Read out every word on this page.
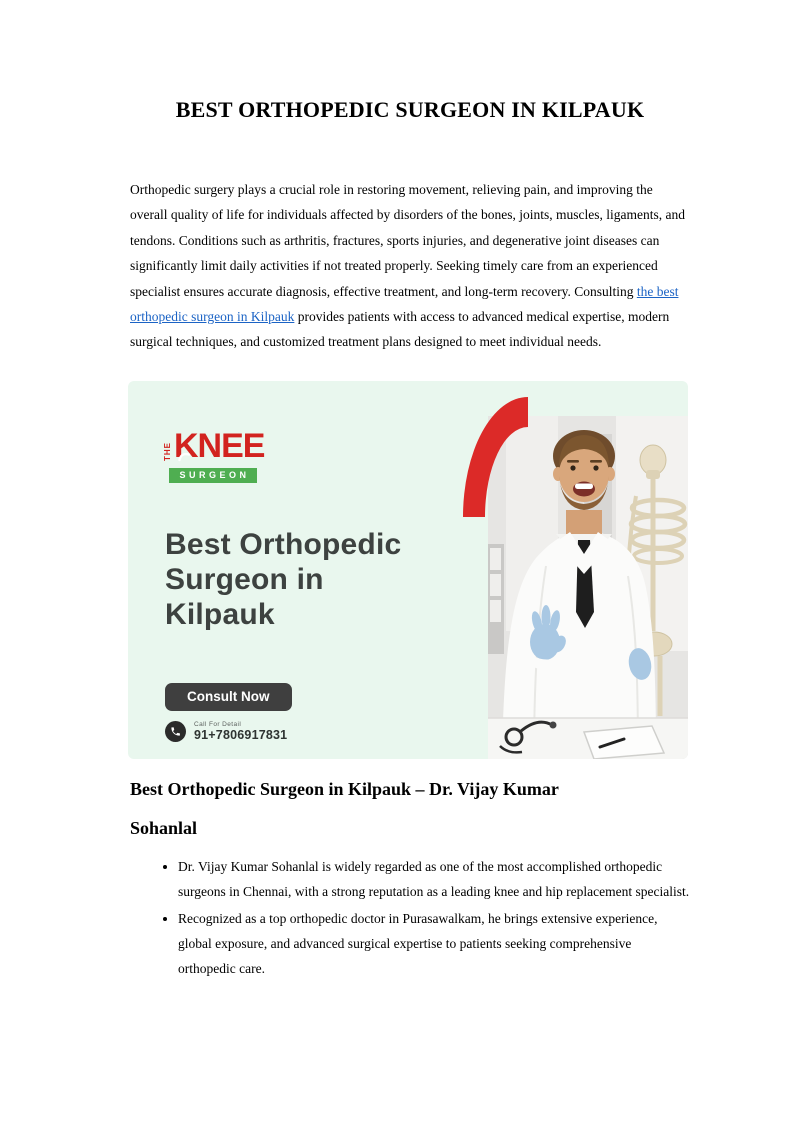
BEST ORTHOPEDIC SURGEON IN KILPAUK

Orthopedic surgery plays a crucial role in restoring movement, relieving pain, and improving the overall quality of life for individuals affected by disorders of the bones, joints, muscles, ligaments, and tendons. Conditions such as arthritis, fractures, sports injuries, and degenerative joint diseases can significantly limit daily activities if not treated properly. Seeking timely care from an experienced specialist ensures accurate diagnosis, effective treatment, and long-term recovery. Consulting the best orthopedic surgeon in Kilpauk provides patients with access to advanced medical expertise, modern surgical techniques, and customized treatment plans designed to meet individual needs.

THE KNEE
SURGEON
Best Orthopedic
Surgeon in
Kilpauk
Consult Now
Call For Detail
91+7806917831
Best Orthopedic Surgeon in Kilpauk – Dr. Vijay Kumar
Sohanlal
• Dr. Vijay Kumar Sohanlal is widely regarded as one of the most accomplished orthopedic surgeons in Chennai, with a strong reputation as a leading knee and hip replacement specialist.
• Recognized as a top orthopedic doctor in Purasawalkam, he brings extensive experience, global exposure, and advanced surgical expertise to patients seeking comprehensive orthopedic care.
